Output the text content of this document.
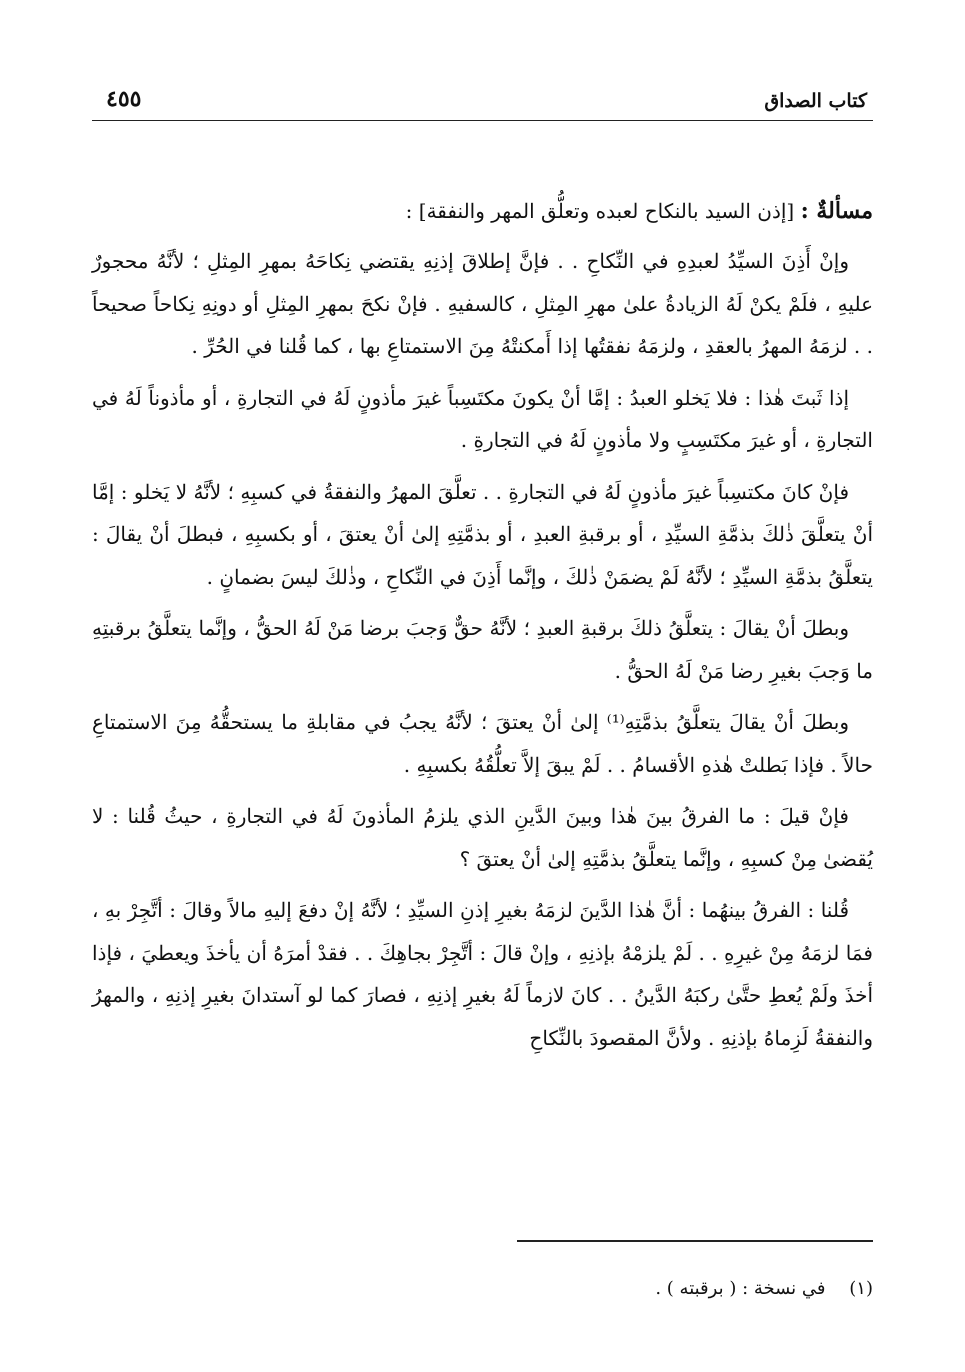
كتاب الصداق
٤٥٥

مسألةٌ : [إذن السيد بالنكاح لعبده وتعلُّق المهر والنفقة] :

وإنْ أَذِنَ السيِّدُ لعبدِهِ في النِّكاحِ . . فإنَّ إطلاقَ إذنِهِ يقتضي نِكاحَهُ بمهرِ المِثلِ ؛ لأنَّهُ محجورٌ عليهِ ، فلَمْ يكنْ لَهُ الزيادةُ علىٰ مهرِ المِثلِ ، كالسفيهِ . فإنْ نكحَ بمهرِ المِثلِ أو دونِهِ نِكاحاً صحيحاً . . لزمَهُ المهرُ بالعقدِ ، ولزمَهُ نفقتُها إذا أَمكنتْهُ مِنَ الاستمتاعِ بها ، كما قُلنا في الحُرِّ .

إذا ثَبتَ هٰذا : فلا يَخلو العبدُ : إمَّا أنْ يكونَ مكتَسِباً غيرَ مأذونٍ لَهُ في التجارةِ ، أو مأذوناً لَهُ في التجارةِ ، أو غيرَ مكتَسِبٍ ولا مأذونٍ لَهُ في التجارةِ .

فإنْ كانَ مكتسِباً غيرَ مأذونٍ لَهُ في التجارةِ . . تعلَّقَ المهرُ والنفقةُ في كسبِهِ ؛ لأنَّهُ لا يَخلو : إمَّا أنْ يتعلَّقَ ذٰلكَ بذمَّةِ السيِّدِ ، أو برقبةِ العبدِ ، أو بذمَّتِهِ إلىٰ أنْ يعتقَ ، أو بكسبِهِ ، فبطلَ أنْ يقالَ : يتعلَّقُ بذمَّةِ السيِّدِ ؛ لأنَّهُ لَمْ يضمَنْ ذٰلكَ ، وإنَّما أَذِنَ في النِّكاحِ ، وذٰلكَ ليسَ بضمانٍ .

وبطلَ أنْ يقالَ : يتعلَّقُ ذلكَ برقبةِ العبدِ ؛ لأنَّهُ حقٌّ وَجبَ برضا مَنْ لَهُ الحقُّ ، وإنَّما يتعلَّقُ برقبتِهِ ما وَجبَ بغيرِ رضا مَنْ لَهُ الحقُّ .

وبطلَ أنْ يقالَ يتعلَّقُ بذمَّتِهِ⁽¹⁾ إلىٰ أنْ يعتقَ ؛ لأنَّهُ يجبُ في مقابلةِ ما يستحقُّهُ مِنَ الاستمتاعِ حالاً . فإذا بَطلتْ هٰذهِ الأقسامُ . . لَمْ يبقَ إلاَّ تعلُّقُهُ بكسبِهِ .

فإنْ قيلَ : ما الفرقُ بينَ هٰذا وبينَ الدَّينِ الذي يلزمُ المأذونَ لَهُ في التجارةِ ، حيثُ قُلنا : لا يُقضىٰ مِنْ كسبِهِ ، وإنَّما يتعلَّقُ بذمَّتِهِ إلىٰ أنْ يعتقَ ؟

قُلنا : الفرقُ بينهُما : أنَّ هٰذا الدَّينَ لزمَهُ بغيرِ إذنِ السيِّدِ ؛ لأنَّهُ إنْ دفعَ إليهِ مالاً وقالَ : أتَّجِرْ بهِ ، فمَا لزمَهُ مِنْ غيرِهِ . . لَمْ يلزمْهُ بإذنِهِ ، وإنْ قالَ : أتَّجِرْ بجاهِكَ . . فقدْ أمرَهُ أن يأخذَ ويعطيَ ، فإذا أخذَ ولَمْ يُعطِ حتَّىٰ ركبَهُ الدَّينُ . . كانَ لازماً لَهُ بغيرِ إذنِهِ ، فصارَ كما لو آستدانَ بغيرِ إذنِهِ ، والمهرُ والنفقةُ لَزِماهُ بإذنِهِ . ولأنَّ المقصودَ بالنِّكاحِ

(١) في نسخة : ( برقبته ) .
